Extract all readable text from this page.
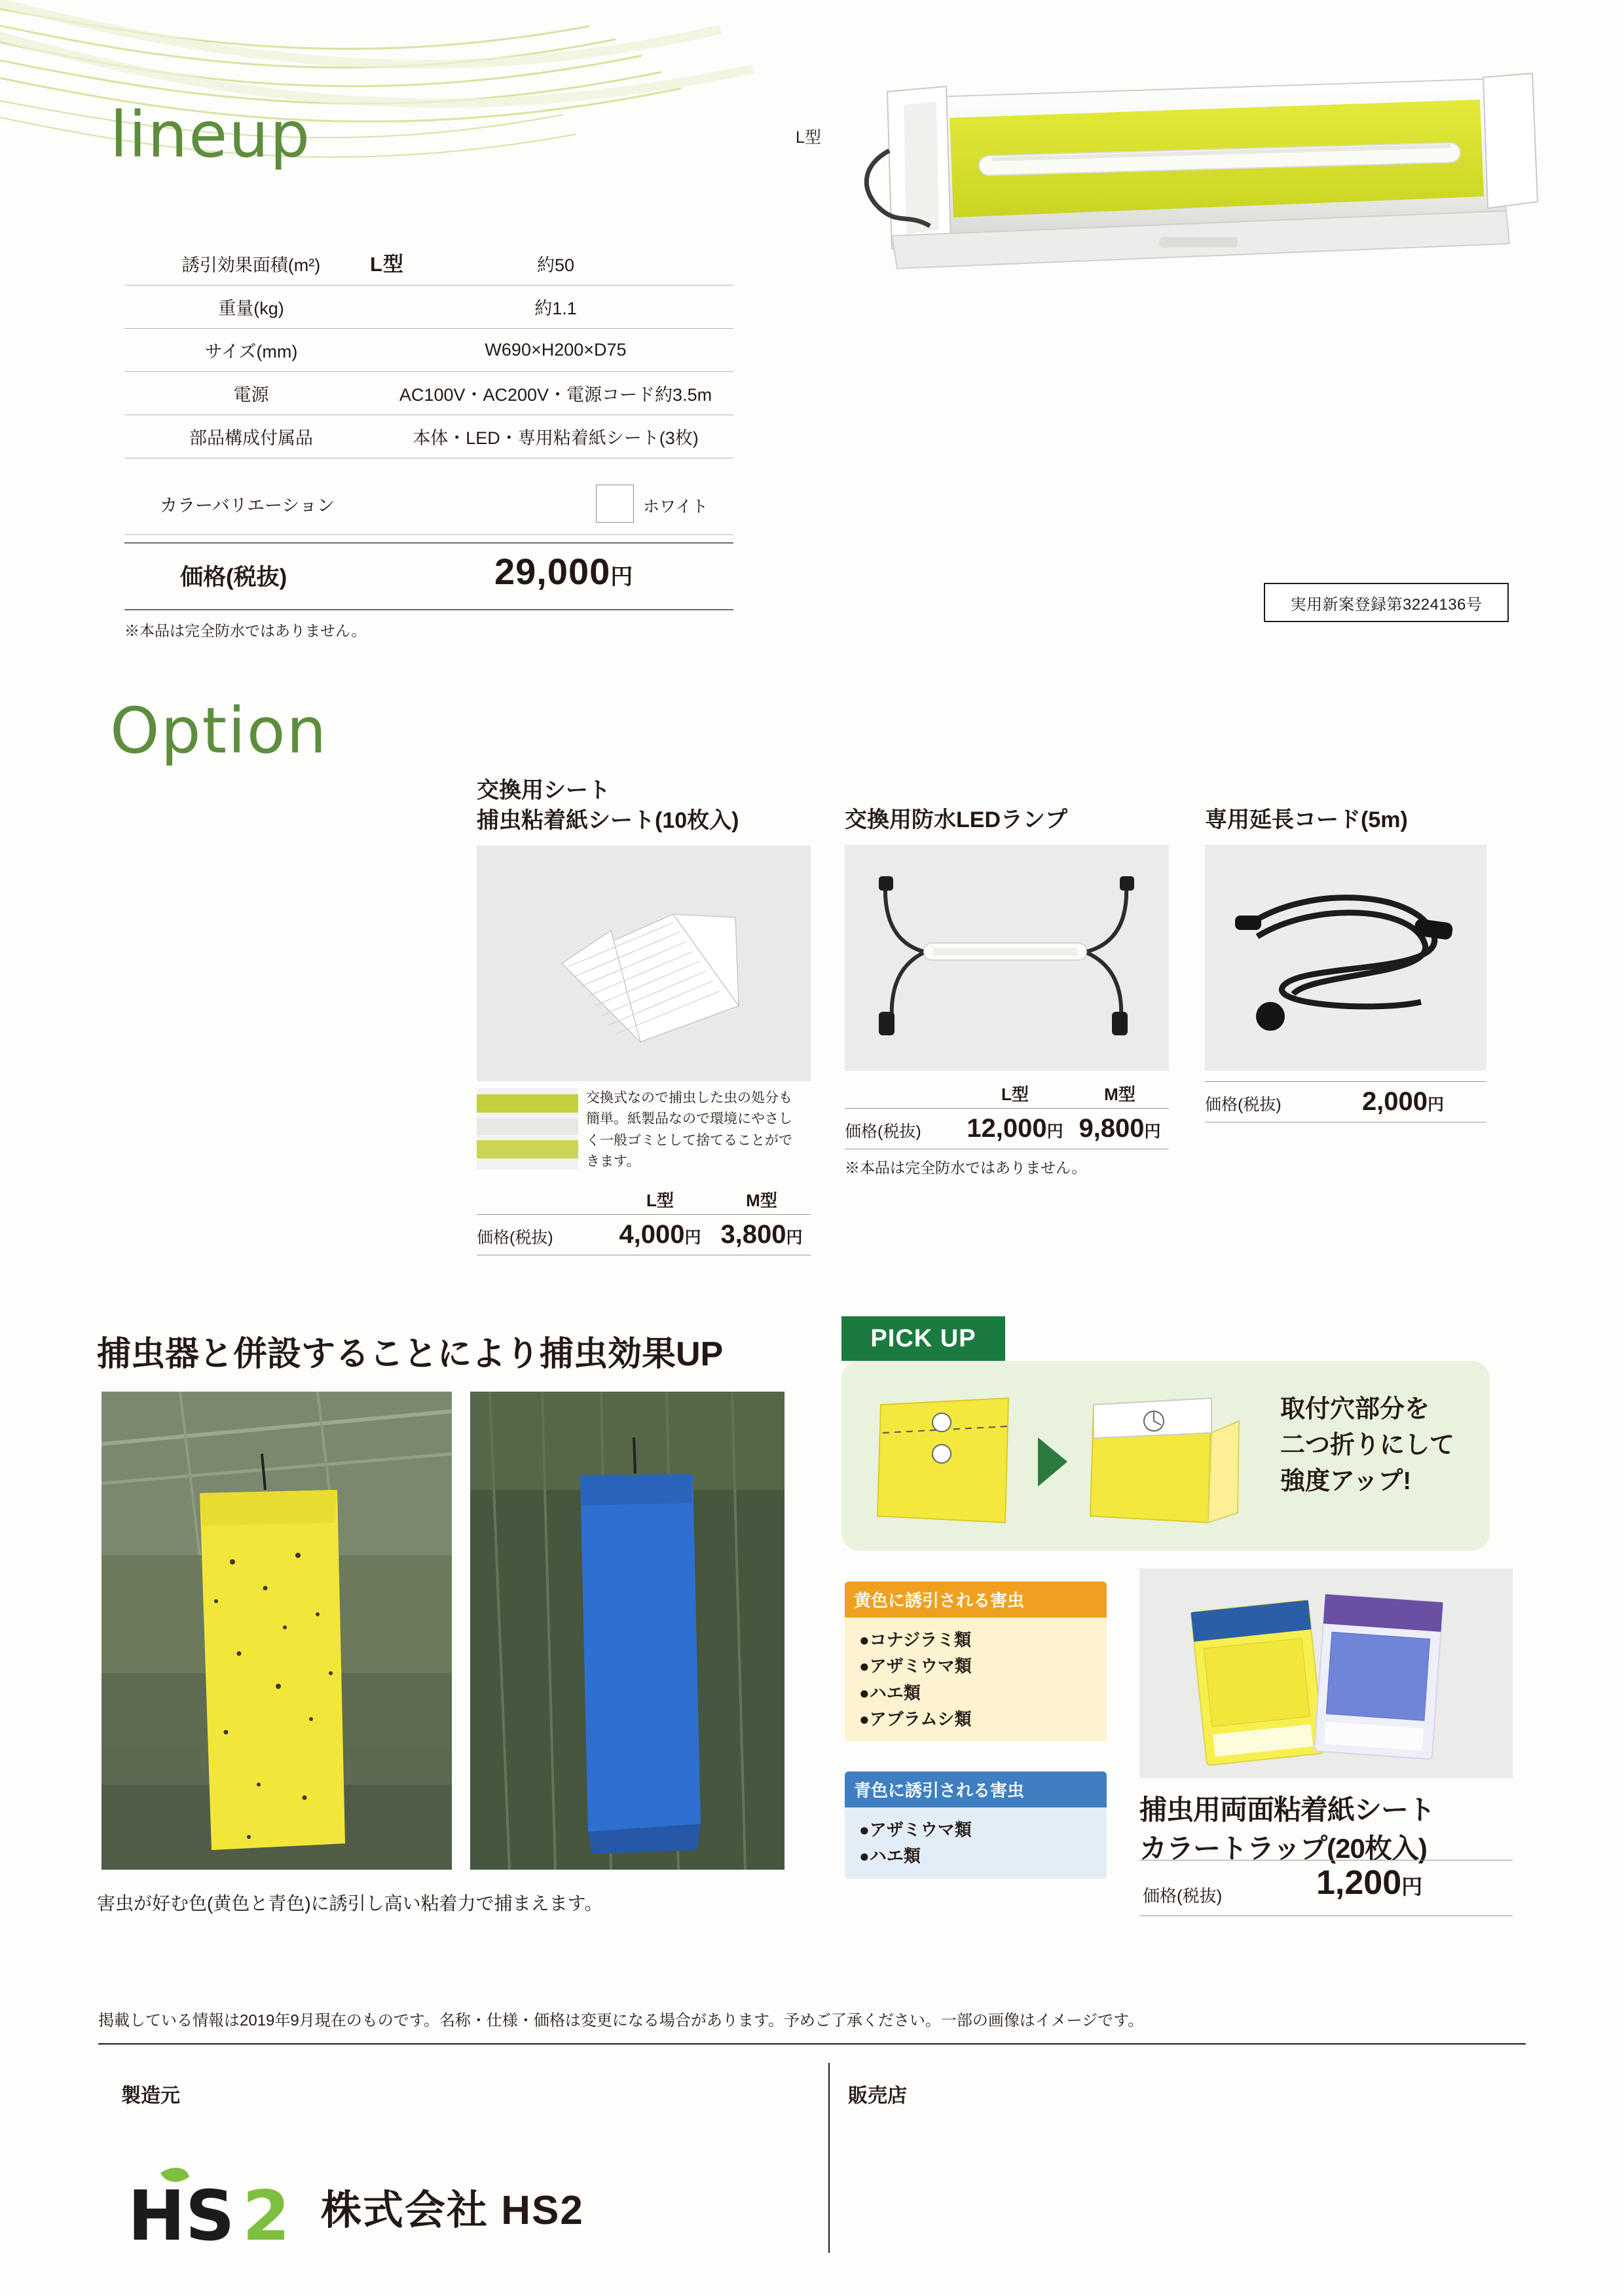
lineup
L型
誘引効果面積(m²)	約50
重量(kg)	約1.1
サイズ(mm)	W690×H200×D75
電源	AC100V・AC200V・電源コード約3.5m
部品構成付属品	本体・LED・専用粘着紙シート(3枚)
カラーバリエーション	ホワイト
価格(税抜)	29,000円
※本品は完全防水ではありません。
L型
実用新案登録第3224136号
Option
交換用シート
捕虫粘着紙シート(10枚入)
交換式なので捕虫した虫の処分も簡単。紙製品なので環境にやさしく一般ゴミとして捨てることができます。
L型	M型
価格(税抜)	4,000円 3,800円
交換用防水LEDランプ
L型	M型
価格(税抜)	12,000円 9,800円
※本品は完全防水ではありません。
専用延長コード(5m)
価格(税抜)	2,000円
捕虫器と併設することにより捕虫効果UP
害虫が好む色(黄色と青色)に誘引し高い粘着力で捕まえます。
PICK UP
取付穴部分を
二つ折りにして
強度アップ!
黄色に誘引される害虫
●コナジラミ類
●アザミウマ類
●ハエ類
●アブラムシ類
青色に誘引される害虫
●アザミウマ類
●ハエ類
捕虫用両面粘着紙シート
カラートラップ(20枚入)
価格(税抜)	1,200円
掲載している情報は2019年9月現在のものです。名称・仕様・価格は変更になる場合があります。予めご了承ください。一部の画像はイメージです。
製造元	販売店
HS 2 株式会社 HS2
